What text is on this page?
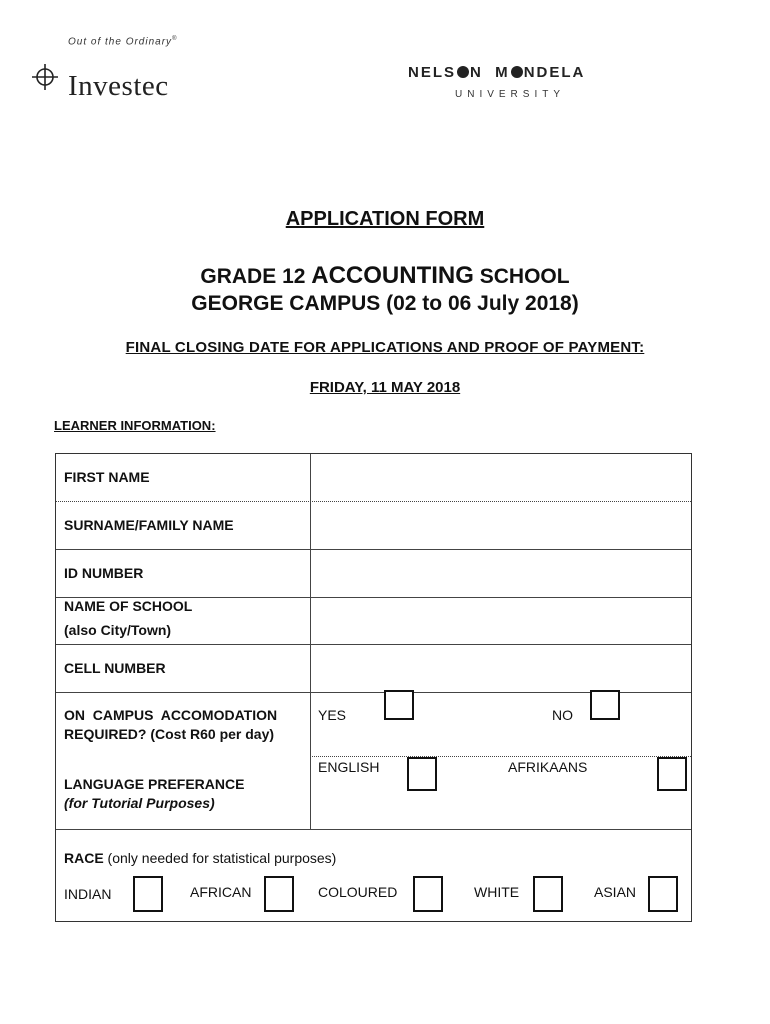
Out of the Ordinary®
Investec	NELS N  M NDELA
UNIVERSITY
APPLICATION FORM
GRADE 12 ACCOUNTING SCHOOL
GEORGE CAMPUS (02 to 06 July 2018)
FINAL CLOSING DATE FOR APPLICATIONS AND PROOF OF PAYMENT:
FRIDAY, 11 MAY 2018
LEARNER INFORMATION:
FIRST NAME
SURNAME/FAMILY NAME
ID NUMBER
NAME OF SCHOOL
(also City/Town)
CELL NUMBER
ON  CAMPUS  ACCOMODATION
REQUIRED? (Cost R60 per day)
YES	NO
LANGUAGE PREFERANCE
(for Tutorial Purposes)
ENGLISH	AFRIKAANS
RACE (only needed for statistical purposes)
INDIAN	AFRICAN	COLOURED	WHITE	ASIAN
